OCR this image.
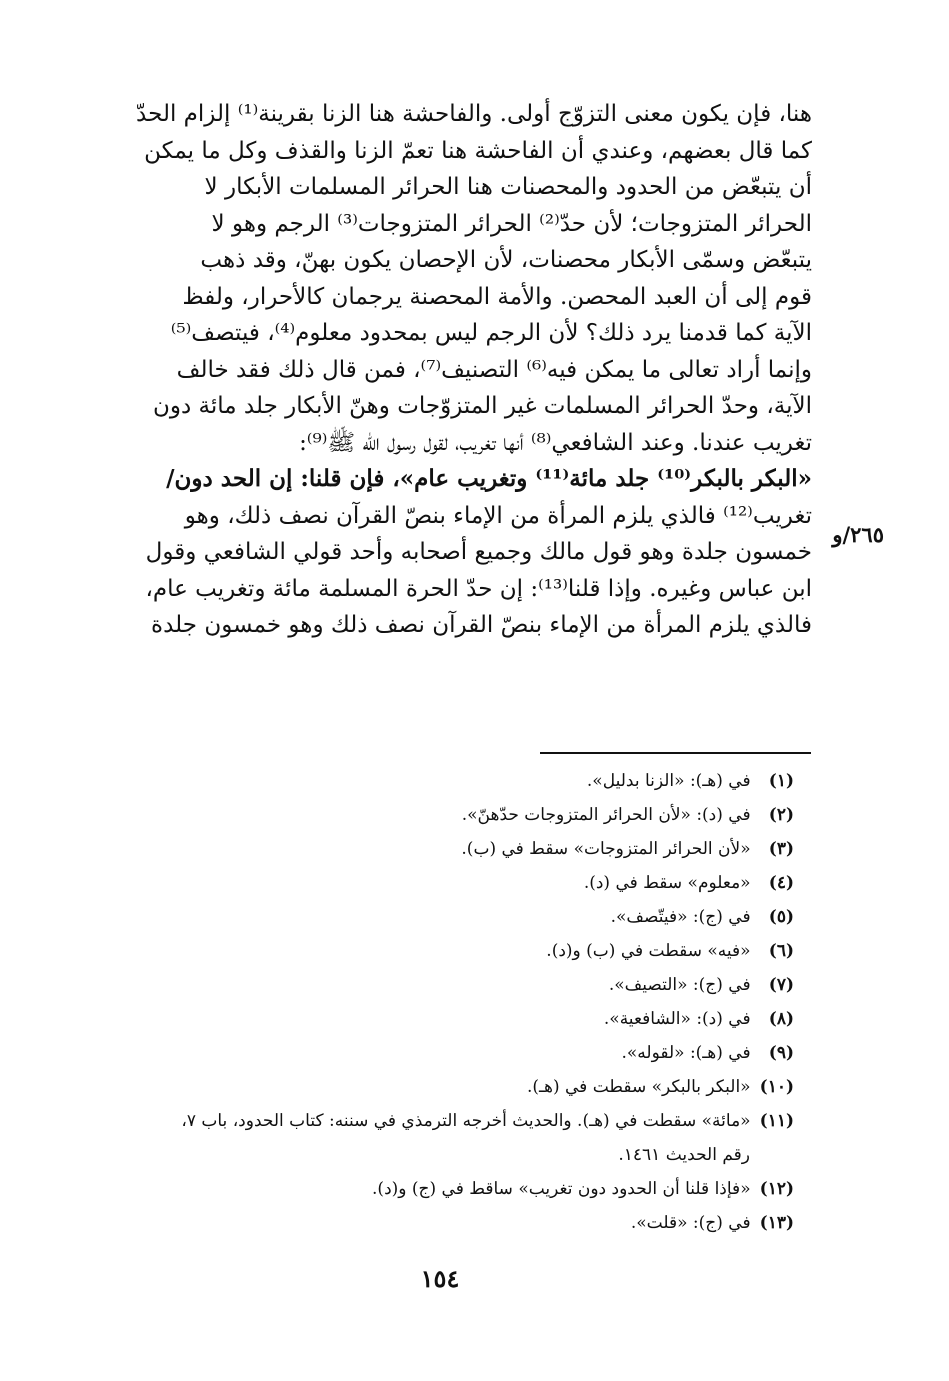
هنا، فإن يكون معنى التزوّج أولى. والفاحشة هنا الزنا بقرينة⁽¹⁾ إلزام الحدّ
كما قال بعضهم، وعندي أن الفاحشة هنا تعمّ الزنا والقذف وكل ما يمكن
أن يتبعّض من الحدود والمحصنات هنا الحرائر المسلمات الأبكار لا
الحرائر المتزوجات؛ لأن حدّ⁽²⁾ الحرائر المتزوجات⁽³⁾ الرجم وهو لا
يتبعّض وسمّى الأبكار محصنات، لأن الإحصان يكون بهنّ، وقد ذهب
قوم إلى أن العبد المحصن. والأمة المحصنة يرجمان كالأحرار، ولفظ
الآية كما قدمنا يرد ذلك؟ لأن الرجم ليس بمحدود معلوم⁽⁴⁾، فيتصف⁽⁵⁾
وإنما أراد تعالى ما يمكن فيه⁽⁶⁾ التصنيف⁽⁷⁾، فمن قال ذلك فقد خالف
الآية، وحدّ الحرائر المسلمات غير المتزوّجات وهنّ الأبكار جلد مائة دون
تغريب عندنا. وعند الشافعي⁽⁸⁾ أنها تغريب، لقول رسول الله ﷺ⁽⁹⁾:
«البكر بالبكر⁽¹⁰⁾ جلد مائة⁽¹¹⁾ وتغريب عام»، فإن قلنا: إن الحد دون/
تغريب⁽¹²⁾ فالذي يلزم المرأة من الإماء بنصّ القرآن نصف ذلك، وهو
خمسون جلدة وهو قول مالك وجميع أصحابه وأحد قولي الشافعي وقول
ابن عباس وغيره. وإذا قلنا⁽¹³⁾: إن حدّ الحرة المسلمة مائة وتغريب عام،
فالذي يلزم المرأة من الإماء بنصّ القرآن نصف ذلك وهو خمسون جلدة
٢٦٥/و
(١) في (هـ): «الزنا بدليل».
(٢) في (د): «لأن الحرائر المتزوجات حدّهنّ».
(٣) «لأن الحرائر المتزوجات» سقط في (ب).
(٤) «معلوم» سقط في (د).
(٥) في (ج): «فيتّصف».
(٦) «فيه» سقطت في (ب) و(د).
(٧) في (ج): «التصيف».
(٨) في (د): «الشافعية».
(٩) في (هـ): «لقوله».
(١٠) «البكر بالبكر» سقطت في (هـ).
(١١) «مائة» سقطت في (هـ). والحديث أخرجه الترمذي في سننه: كتاب الحدود، باب ٧،
رقم الحديث ١٤٦١.
(١٢) «فإذا قلنا أن الحدود دون تغريب» ساقط في (ج) و(د).
(١٣) في (ج): «قلت».
١٥٤
